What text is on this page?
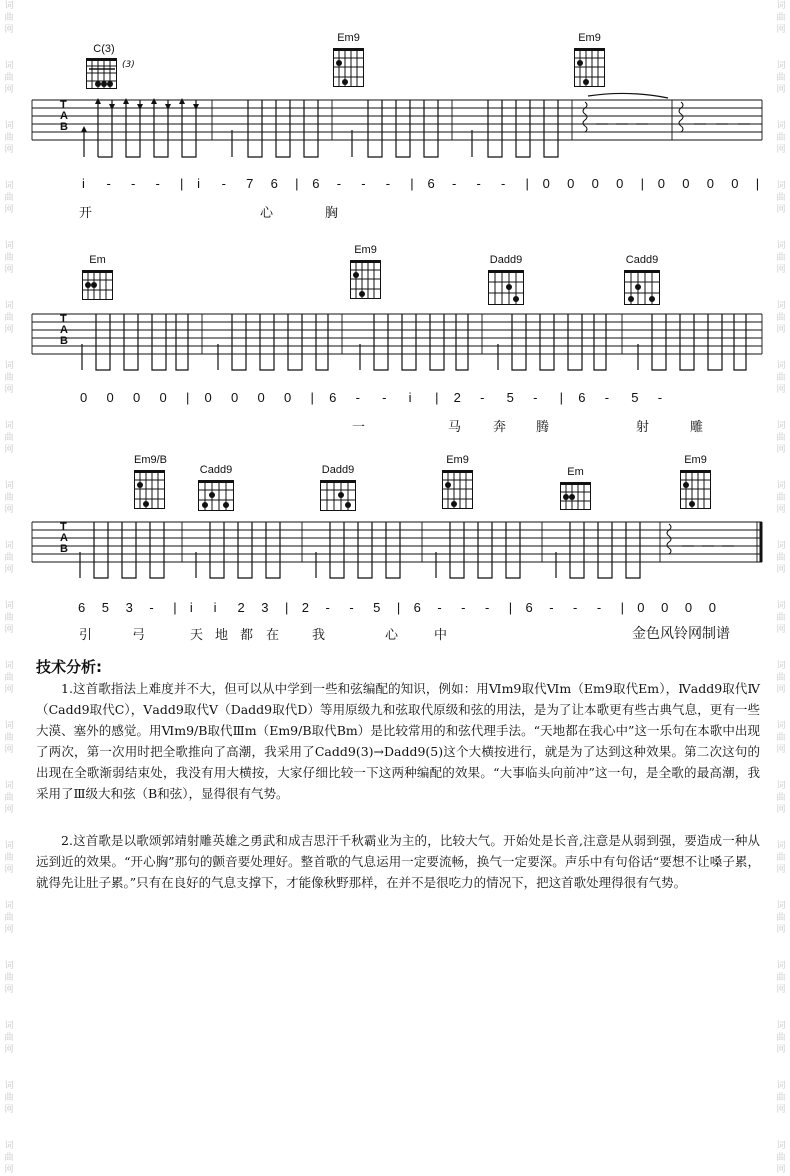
词
曲
网

词
曲
网

词
曲
网

词
曲
网

词
曲
网

词
曲
网

词
曲
网

词
曲
网

词
曲
网

词
曲
网

词
曲
网

词
曲
网

词
曲
网

词
曲
网

词
曲
网

词
曲
网

词
曲
网

词
曲
网

词
曲
网

词
曲
网

词
曲
网

词
曲
网

词
曲
网

词
曲
网

词
曲
网

词
曲
网

词
曲
网

词
曲
网

词
曲
网

词
曲
网

词
曲
网

词
曲
网

词
曲
网

词
曲
网

词
曲
网

词
曲
网

词
曲
网

词
曲
网

词
曲
网

词
曲
网

C(3)
(3)
Em9	Em9
T
A
B
i - - - | i - 7 6 | 6 - - - | 6 - - - | 0 0 0 0 | 0 0 0 0 |
开	心	胸
Em
Em9
Dadd9	Cadd9
T
A
B
0 0 0 0 | 0 0 0 0 | 6 - - i | 2 - 5 - | 6 - 5 -
一	马 奔 腾	射	雕
Em9/B
Cadd9	Dadd9
Em9
Em
Em9
T
A
B
6 5 3 - | i i 2 3 | 2 - - 5 | 6 - - - | 6 - - - | 0 0 0 0
引	弓	天 地 都 在	我	心	中	金色风铃网制谱
技术分析:
1.这首歌指法上难度并不大，但可以从中学到一些和弦编配的知识，例如：用Ⅵm9取代Ⅵm（Em9取代Em），Ⅳadd9取代Ⅳ（Cadd9取代C），Ⅴadd9取代Ⅴ（Dadd9取代D）等用原级九和弦取代原级和弦的用法，是为了让本歌更有些古典气息，更有一些大漠、塞外的感觉。用Ⅵm9/B取代Ⅲm（Em9/B取代Bm）是比较常用的和弦代理手法。“天地都在我心中”这一乐句在本歌中出现了两次，第一次用时把全歌推向了高潮，我采用了Cadd9(3)→Dadd9(5)这个大横按进行，就是为了达到这种效果。第二次这句的出现在全歌渐弱结束处，我没有用大横按，大家仔细比较一下这两种编配的效果。“大事临头向前冲”这一句，是全歌的最高潮，我采用了Ⅲ级大和弦（B和弦），显得很有气势。
2.这首歌是以歌颂郭靖射雕英雄之勇武和成吉思汗千秋霸业为主的，比较大气。开始处是长音,注意是从弱到强，要造成一种从远到近的效果。“开心胸”那句的颤音要处理好。整首歌的气息运用一定要流畅，换气一定要深。声乐中有句俗话“要想不让嗓子累，就得先让肚子累。”只有在良好的气息支撑下，才能像秋野那样，在并不是很吃力的情况下，把这首歌处理得很有气势。
